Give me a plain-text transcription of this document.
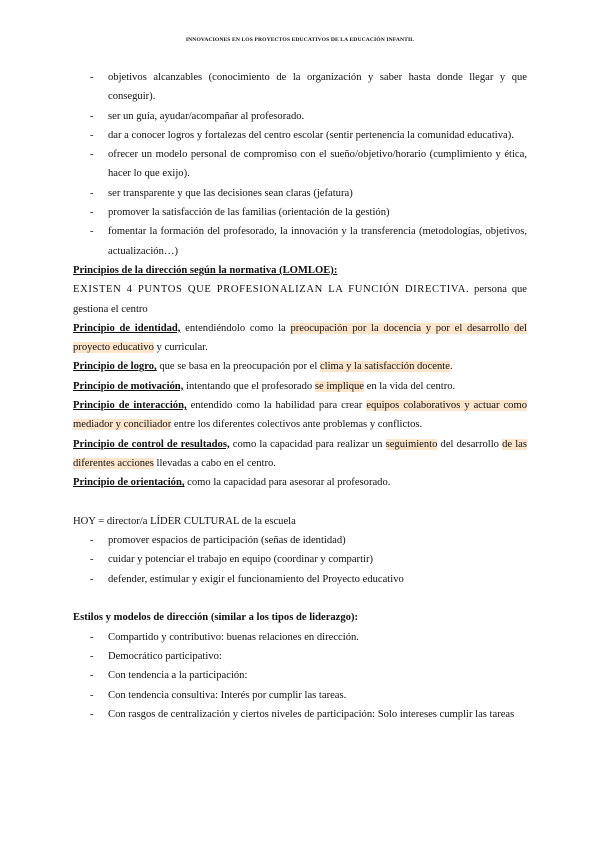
INNOVACIONES EN LOS PROYECTOS EDUCATIVOS DE LA EDUCACIÓN INFANTIL
- objetivos alcanzables (conocimiento de la organización y saber hasta donde llegar y que conseguir).
- ser un guía, ayudar/acompañar al profesorado.
- dar a conocer logros y fortalezas del centro escolar (sentir pertenencia la comunidad educativa).
- ofrecer un modelo personal de compromiso con el sueño/objetivo/horario (cumplimiento y ética, hacer lo que exijo).
- ser transparente y que las decisiones sean claras (jefatura)
- promover la satisfacción de las familias (orientación de la gestión)
- fomentar la formación del profesorado, la innovación y la transferencia (metodologías, objetivos, actualización…)
Principios de la dirección según la normativa (LOMLOE):
EXISTEN 4 PUNTOS QUE PROFESIONALIZAN LA FUNCIÓN DIRECTIVA. persona que gestiona el centro
Principio de identidad, entendiéndolo como la preocupación por la docencia y por el desarrollo del proyecto educativo y curricular.
Principio de logro, que se basa en la preocupación por el clima y la satisfacción docente.
Principio de motivación, intentando que el profesorado se implique en la vida del centro.
Principio de interacción, entendido como la habilidad para crear equipos colaborativos y actuar como mediador y conciliador entre los diferentes colectivos ante problemas y conflictos.
Principio de control de resultados, como la capacidad para realizar un seguimiento del desarrollo de las diferentes acciones llevadas a cabo en el centro.
Principio de orientación, como la capacidad para asesorar al profesorado.
HOY = director/a LÍDER CULTURAL de la escuela
- promover espacios de participación (señas de identidad)
- cuidar y potenciar el trabajo en equipo (coordinar y compartir)
- defender, estimular y exigir el funcionamiento del Proyecto educativo
Estilos y modelos de dirección (similar a los tipos de liderazgo):
- Compartido y contributivo: buenas relaciones en dirección.
- Democrático participativo:
- Con tendencia a la participación:
- Con tendencia consultiva: Interés por cumplir las tareas.
- Con rasgos de centralización y ciertos niveles de participación: Solo intereses cumplir las tareas
